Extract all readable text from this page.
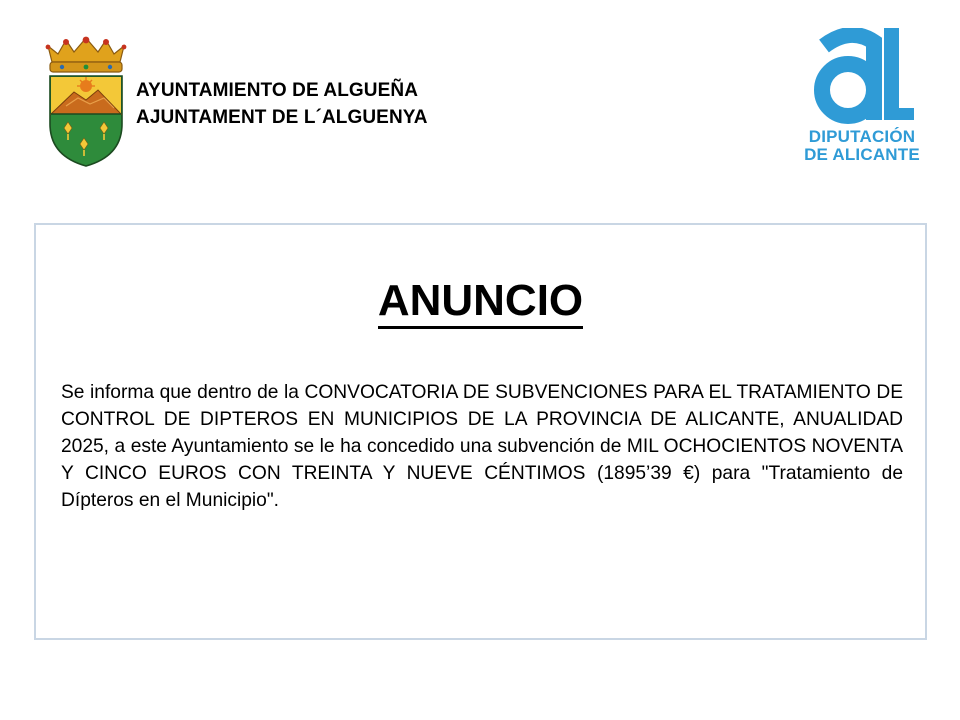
AYUNTAMIENTO DE ALGUEÑA
AJUNTAMENT DE L´ALGUENYA
DIPUTACIÓN
DE ALICANTE
ANUNCIO

Se informa que dentro de la CONVOCATORIA DE SUBVENCIONES PARA EL TRATAMIENTO DE CONTROL DE DIPTEROS EN MUNICIPIOS DE LA PROVINCIA DE ALICANTE, ANUALIDAD 2025, a este Ayuntamiento se le ha concedido una subvención de MIL OCHOCIENTOS NOVENTA Y CINCO EUROS CON TREINTA Y NUEVE CÉNTIMOS (1895’39 €) para "Tratamiento de Dípteros en el Municipio".
